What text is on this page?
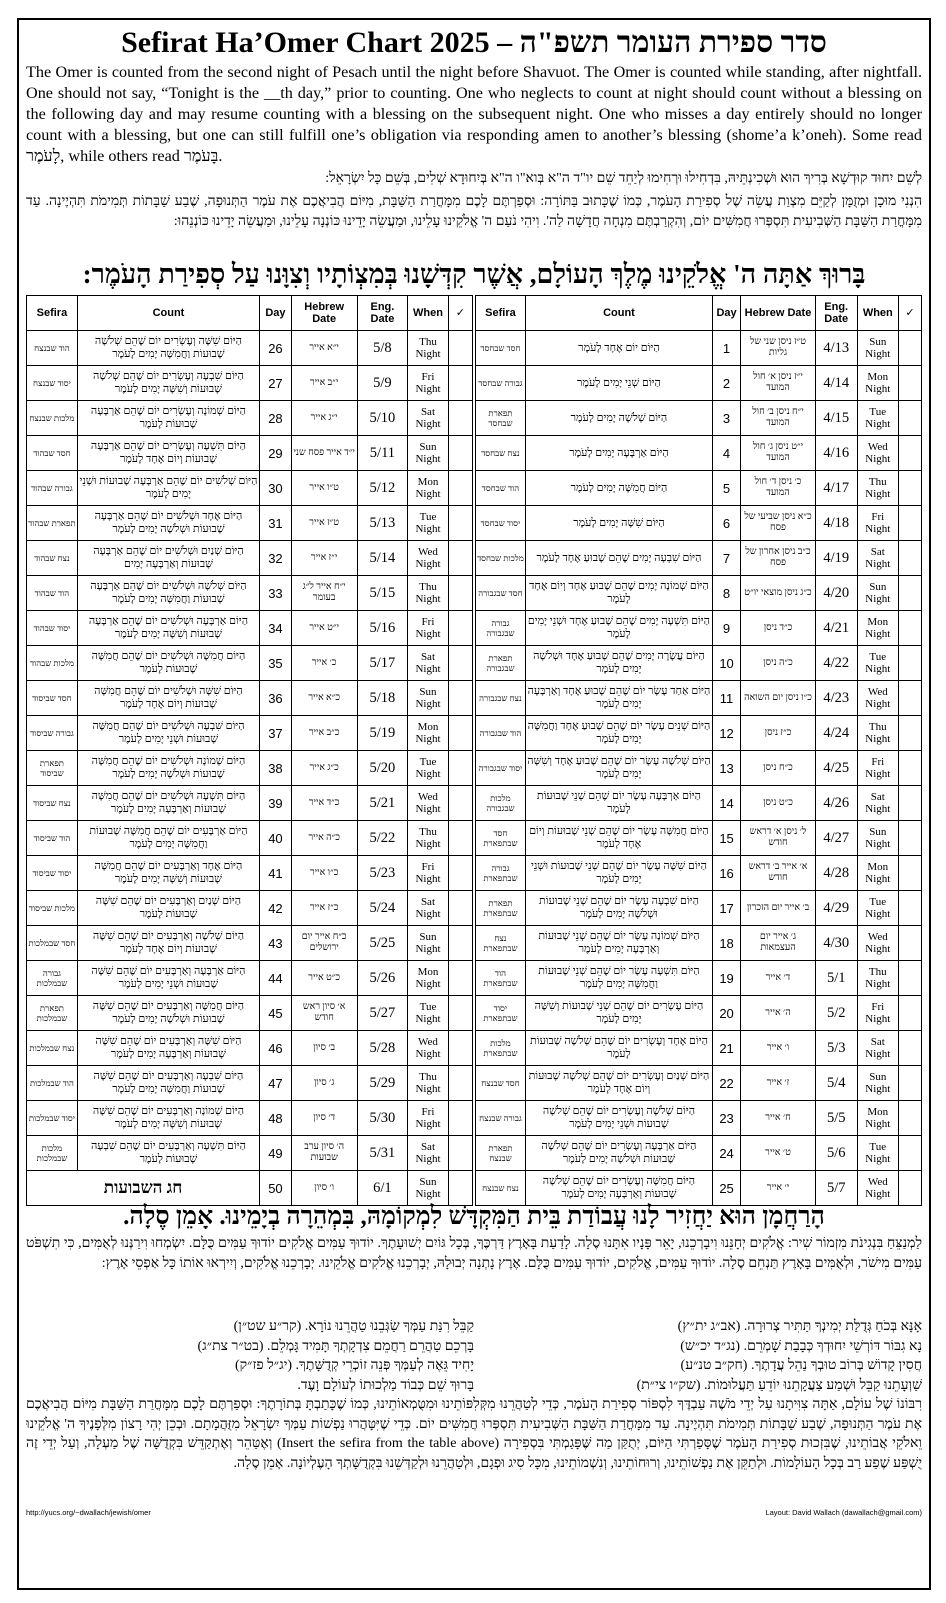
Sefirat Ha’Omer Chart 2025 – סדר ספירת העומר תשפ"ה

The Omer is counted from the second night of Pesach until the night before Shavuot. The Omer is counted while standing, after nightfall. One should not say, “Tonight is the __th day,” prior to counting. One who neglects to count at night should count without a blessing on the following day and may resume counting with a blessing on the subsequent night. One who misses a day entirely should no longer count with a blessing, but one can still fulfill one’s obligation via responding amen to another’s blessing (shome’a k’oneh). Some read לָעֹמֶר, while others read בָּעֹמֶר.

לְשֵׁם יִחוּד קוּדְשָׁא בְּרִיךְ הוּא וּשְׁכִינְתֵּיהּ, בִּדְחִילוּ וּרְחִימוּ לְיַחֵד שֵׁם יו"ד ה"א בְּוא"ו ה"א בְּיִחוּדָא שְׁלִים, בְּשֵׁם כָּל יִשְׂרָאֵל:

הִנְנִי מוּכָן וּמְזֻמָּן לְקַיֵּם מִצְוַת עֲשֵׂה שֶׁל סְפִירַת הָעֹמֶר, כְּמוֹ שֶׁכָּתוּב בַּתּוֹרָה: וּסְפַרְתֶּם לָכֶם מִמָּחֳרַת הַשַּׁבָּת, מִיּוֹם הֲבִיאֲכֶם אֶת עֹמֶר הַתְּנוּפָה, שֶׁבַע שַׁבָּתוֹת תְּמִימֹת תִּהְיֶינָה. עַד מִמָּחֳרַת הַשַּׁבָּת הַשְּׁבִיעִית תִּסְפְּרוּ חֲמִשִּׁים יוֹם, וְהִקְרַבְתֶּם מִנְחָה חֲדָשָׁה לַה'. וִיהִי נֹעַם ה' אֱלֹקֵינוּ עָלֵינוּ, וּמַעֲשֵׂה יָדֵינוּ כּוֹנְנָה עָלֵינוּ, וּמַעֲשֵׂה יָדֵינוּ כּוֹנְנֵהוּ:

בָּרוּךְ אַתָּה ה' אֱלֹקֵינוּ מֶלֶךְ הָעוֹלָם, אֲשֶׁר קִדְּשָׁנוּ בְּמִצְוֹתָיו וְצִוָּנוּ עַל סְפִירַת הָעֹמֶר:
Sefira	Count	Day	Hebrew Date	Eng. Date	When	✓
הוד שבנצח	הַיּוֹם שִׁשָּׁה וְעֶשְׂרִים יוֹם שֶׁהֵם שְׁלֹשָׁה שָׁבוּעוֹת וַחֲמִשָּׁה יָמִים לָעֹמֶר	26	י״א אייר	5/8	Thu Night	
יסוד שבנצח	הַיּוֹם שִׁבְעָה וְעֶשְׂרִים יוֹם שֶׁהֵם שְׁלֹשָׁה שָׁבוּעוֹת וְשִׁשָּׁה יָמִים לָעֹמֶר	27	י״ב אייר	5/9	Fri Night	
מלכות שבנצח	הַיּוֹם שְׁמוֹנָה וְעֶשְׂרִים יוֹם שֶׁהֵם אַרְבָּעָה שָׁבוּעוֹת לָעֹמֶר	28	י״ג אייר	5/10	Sat Night	
חסד שבהוד	הַיּוֹם תִּשְׁעָה וְעֶשְׂרִים יוֹם שֶׁהֵם אַרְבָּעָה שָׁבוּעוֹת וְיוֹם אֶחָד לָעֹמֶר	29	י״ד אייר פסח שני	5/11	Sun Night	
גבורה שבהוד	הַיּוֹם שְׁלֹשִׁים יוֹם שֶׁהֵם אַרְבָּעָה שָׁבוּעוֹת וּשְׁנֵי יָמִים לָעֹמֶר	30	ט״ו אייר	5/12	Mon Night	
תפארת שבהוד	הַיּוֹם אֶחָד וּשְׁלֹשִׁים יוֹם שֶׁהֵם אַרְבָּעָה שָׁבוּעוֹת וּשְׁלֹשָׁה יָמִים לָעֹמֶר	31	ט״ז אייר	5/13	Tue Night	
נצח שבהוד	הַיּוֹם שְׁנַיִם וּשְׁלֹשִׁים יוֹם שֶׁהֵם אַרְבָּעָה שָׁבוּעוֹת וְאַרְבָּעָה יָמִים	32	י״ז אייר	5/14	Wed Night	
הוד שבהוד	הַיּוֹם שְׁלֹשָׁה וּשְׁלֹשִׁים יוֹם שֶׁהֵם אַרְבָּעָה שָׁבוּעוֹת וַחֲמִשָּׁה יָמִים לָעֹמֶר	33	י״ח אייר ל״ג בעומר	5/15	Thu Night	
יסוד שבהוד	הַיּוֹם אַרְבָּעָה וּשְׁלֹשִׁים יוֹם שֶׁהֵם אַרְבָּעָה שָׁבוּעוֹת וְשִׁשָּׁה יָמִים לָעֹמֶר	34	י״ט אייר	5/16	Fri Night	
מלכות שבהוד	הַיּוֹם חֲמִשָּׁה וּשְׁלֹשִׁים יוֹם שֶׁהֵם חֲמִשָּׁה שָׁבוּעוֹת לָעֹמֶר	35	כ׳ אייר	5/17	Sat Night	
חסד שביסוד	הַיּוֹם שִׁשָּׁה וּשְׁלֹשִׁים יוֹם שֶׁהֵם חֲמִשָּׁה שָׁבוּעוֹת וְיוֹם אֶחָד לָעֹמֶר	36	כ״א אייר	5/18	Sun Night	
גבורה שביסוד	הַיּוֹם שִׁבְעָה וּשְׁלֹשִׁים יוֹם שֶׁהֵם חֲמִשָּׁה שָׁבוּעוֹת וּשְׁנֵי יָמִים לָעֹמֶר	37	כ״ב אייר	5/19	Mon Night	
תפארת שביסוד	הַיּוֹם שְׁמוֹנָה וּשְׁלֹשִׁים יוֹם שֶׁהֵם חֲמִשָּׁה שָׁבוּעוֹת וּשְׁלֹשָׁה יָמִים לָעֹמֶר	38	כ״ג אייר	5/20	Tue Night	
נצח שביסוד	הַיּוֹם תִּשְׁעָה וּשְׁלֹשִׁים יוֹם שֶׁהֵם חֲמִשָּׁה שָׁבוּעוֹת וְאַרְבָּעָה יָמִים לָעֹמֶר	39	כ״ד אייר	5/21	Wed Night	
הוד שביסוד	הַיּוֹם אַרְבָּעִים יוֹם שֶׁהֵם חֲמִשָּׁה שָׁבוּעוֹת וַחֲמִשָּׁה יָמִים לָעֹמֶר	40	כ״ה אייר	5/22	Thu Night	
יסוד שביסוד	הַיּוֹם אֶחָד וְאַרְבָּעִים יוֹם שֶׁהֵם חֲמִשָּׁה שָׁבוּעוֹת וְשִׁשָּׁה יָמִים לָעֹמֶר	41	כ״ו אייר	5/23	Fri Night	
מלכות שביסוד	הַיּוֹם שְׁנַיִם וְאַרְבָּעִים יוֹם שֶׁהֵם שִׁשָּׁה שָׁבוּעוֹת לָעֹמֶר	42	כ״ז אייר	5/24	Sat Night	
חסד שבמלכות	הַיּוֹם שְׁלֹשָׁה וְאַרְבָּעִים יוֹם שֶׁהֵם שִׁשָּׁה שָׁבוּעוֹת וְיוֹם אֶחָד לָעֹמֶר	43	כ״ח אייר יום ירושלים	5/25	Sun Night	
גבורה שבמלכות	הַיּוֹם אַרְבָּעָה וְאַרְבָּעִים יוֹם שֶׁהֵם שִׁשָּׁה שָׁבוּעוֹת וּשְׁנֵי יָמִים לָעֹמֶר	44	כ״ט אייר	5/26	Mon Night	
תפארת שבמלכות	הַיּוֹם חֲמִשָּׁה וְאַרְבָּעִים יוֹם שֶׁהֵם שִׁשָּׁה שָׁבוּעוֹת וּשְׁלֹשָׁה יָמִים לָעֹמֶר	45	א׳ סיון ראש חודש	5/27	Tue Night	
נצח שבמלכות	הַיּוֹם שִׁשָּׁה וְאַרְבָּעִים יוֹם שֶׁהֵם שִׁשָּׁה שָׁבוּעוֹת וְאַרְבָּעָה יָמִים לָעֹמֶר	46	ב׳ סיון	5/28	Wed Night	
הוד שבמלכות	הַיּוֹם שִׁבְעָה וְאַרְבָּעִים יוֹם שֶׁהֵם שִׁשָּׁה שָׁבוּעוֹת וַחֲמִשָּׁה יָמִים לָעֹמֶר	47	ג׳ סיון	5/29	Thu Night	
יסוד שבמלכות	הַיּוֹם שְׁמוֹנָה וְאַרְבָּעִים יוֹם שֶׁהֵם שִׁשָּׁה שָׁבוּעוֹת וְשִׁשָּׁה יָמִים לָעֹמֶר	48	ד׳ סיון	5/30	Fri Night	
מלכות שבמלכות	הַיּוֹם תִּשְׁעָה וְאַרְבָּעִים יוֹם שֶׁהֵם שִׁבְעָה שָׁבוּעוֹת לָעֹמֶר	49	ה׳ סיון ערב שבועות	5/31	Sat Night	
חג השבועות		50	ו׳ סיון	6/1	Sun Night	
Sefira	Count	Day	Hebrew Date	Eng. Date	When	✓
חסד שבחסד	הַיּוֹם יוֹם אֶחָד לָעֹמֶר	1	ט״ז ניסן שני של גליות	4/13	Sun Night	
גבורה שבחסד	הַיּוֹם שְׁנֵי יָמִים לָעֹמֶר	2	י״ז ניסן א׳ חול המועד	4/14	Mon Night	
תפארת שבחסד	הַיּוֹם שְׁלֹשָׁה יָמִים לָעֹמֶר	3	י״ח ניסן ב׳ חול המועד	4/15	Tue Night	
נצח שבחסד	הַיּוֹם אַרְבָּעָה יָמִים לָעֹמֶר	4	י״ט ניסן ג׳ חול המועד	4/16	Wed Night	
הוד שבחסד	הַיּוֹם חֲמִשָּׁה יָמִים לָעֹמֶר	5	כ׳ ניסן ד׳ חול המועד	4/17	Thu Night	
יסוד שבחסד	הַיּוֹם שִׁשָּׁה יָמִים לָעֹמֶר	6	כ״א ניסן שביעי של פסח	4/18	Fri Night	
מלכות שבחסד	הַיּוֹם שִׁבְעָה יָמִים שֶׁהֵם שָׁבוּעַ אֶחָד לָעֹמֶר	7	כ״ב ניסן אחרון של פסח	4/19	Sat Night	
חסד שבגבורה	הַיּוֹם שְׁמוֹנָה יָמִים שֶׁהֵם שָׁבוּעַ אֶחָד וְיוֹם אֶחָד לָעֹמֶר	8	כ״ג ניסן מוצאי יו״ט	4/20	Sun Night	
גבורה שבגבורה	הַיּוֹם תִּשְׁעָה יָמִים שֶׁהֵם שָׁבוּעַ אֶחָד וּשְׁנֵי יָמִים לָעֹמֶר	9	כ״ד ניסן	4/21	Mon Night	
תפארת שבגבורה	הַיּוֹם עֲשָׂרָה יָמִים שֶׁהֵם שָׁבוּעַ אֶחָד וּשְׁלֹשָׁה יָמִים לָעֹמֶר	10	כ״ה ניסן	4/22	Tue Night	
נצח שבגבורה	הַיּוֹם אַחַד עָשָׂר יוֹם שֶׁהֵם שָׁבוּעַ אֶחָד וְאַרְבָּעָה יָמִים לָעֹמֶר	11	כ״ו ניסן יום השואה	4/23	Wed Night	
הוד שבגבורה	הַיּוֹם שְׁנֵים עָשָׂר יוֹם שֶׁהֵם שָׁבוּעַ אֶחָד וַחֲמִשָּׁה יָמִים לָעֹמֶר	12	כ״ז ניסן	4/24	Thu Night	
יסוד שבגבורה	הַיּוֹם שְׁלֹשָׁה עָשָׂר יוֹם שֶׁהֵם שָׁבוּעַ אֶחָד וְשִׁשָּׁה יָמִים לָעֹמֶר	13	כ״ח ניסן	4/25	Fri Night	
מלכות שבגבורה	הַיּוֹם אַרְבָּעָה עָשָׂר יוֹם שֶׁהֵם שְׁנֵי שָׁבוּעוֹת לָעֹמֶר	14	כ״ט ניסן	4/26	Sat Night	
חסד שבתפארת	הַיּוֹם חֲמִשָּׁה עָשָׂר יוֹם שֶׁהֵם שְׁנֵי שָׁבוּעוֹת וְיוֹם אֶחָד לָעֹמֶר	15	ל׳ ניסן א׳ דראש חודש	4/27	Sun Night	
גבורה שבתפארת	הַיּוֹם שִׁשָּׁה עָשָׂר יוֹם שֶׁהֵם שְׁנֵי שָׁבוּעוֹת וּשְׁנֵי יָמִים לָעֹמֶר	16	א׳ אייר ב׳ דראש חודש	4/28	Mon Night	
תפארת שבתפארת	הַיּוֹם שִׁבְעָה עָשָׂר יוֹם שֶׁהֵם שְׁנֵי שָׁבוּעוֹת וּשְׁלֹשָׁה יָמִים לָעֹמֶר	17	ב׳ אייר יום הזכרון	4/29	Tue Night	
נצח שבתפארת	הַיּוֹם שְׁמוֹנָה עָשָׂר יוֹם שֶׁהֵם שְׁנֵי שָׁבוּעוֹת וְאַרְבָּעָה יָמִים לָעֹמֶר	18	ג׳ אייר יום העצמאות	4/30	Wed Night	
הוד שבתפארת	הַיּוֹם תִּשְׁעָה עָשָׂר יוֹם שֶׁהֵם שְׁנֵי שָׁבוּעוֹת וַחֲמִשָּׁה יָמִים לָעֹמֶר	19	ד׳ אייר	5/1	Thu Night	
יסוד שבתפארת	הַיּוֹם עֶשְׂרִים יוֹם שֶׁהֵם שְׁנֵי שָׁבוּעוֹת וְשִׁשָּׁה יָמִים לָעֹמֶר	20	ה׳ אייר	5/2	Fri Night	
מלכות שבתפארת	הַיּוֹם אֶחָד וְעֶשְׂרִים יוֹם שֶׁהֵם שְׁלֹשָׁה שָׁבוּעוֹת לָעֹמֶר	21	ו׳ אייר	5/3	Sat Night	
חסד שבנצח	הַיּוֹם שְׁנַיִם וְעֶשְׂרִים יוֹם שֶׁהֵם שְׁלֹשָׁה שָׁבוּעוֹת וְיוֹם אֶחָד לָעֹמֶר	22	ז׳ אייר	5/4	Sun Night	
גבורה שבנצח	הַיּוֹם שְׁלֹשָׁה וְעֶשְׂרִים יוֹם שֶׁהֵם שְׁלֹשָׁה שָׁבוּעוֹת וּשְׁנֵי יָמִים לָעֹמֶר	23	ח׳ אייר	5/5	Mon Night	
תפארת שבנצח	הַיּוֹם אַרְבָּעָה וְעֶשְׂרִים יוֹם שֶׁהֵם שְׁלֹשָׁה שָׁבוּעוֹת וּשְׁלֹשָׁה יָמִים לָעֹמֶר	24	ט׳ אייר	5/6	Tue Night	
נצח שבנצח	הַיּוֹם חֲמִשָּׁה וְעֶשְׂרִים יוֹם שֶׁהֵם שְׁלֹשָׁה שָׁבוּעוֹת וְאַרְבָּעָה יָמִים לָעֹמֶר	25	י׳ אייר	5/7	Wed Night	
הָרַחֲמָן הוּא יַחֲזִיר לָנוּ עֲבוֹדַת בֵּית הַמִּקְדָּשׁ לִמְקוֹמָהּ, בִּמְהֵרָה בְיָמֵינוּ. אָמֵן סֶלָה.

לַמְנַצֵּחַ בִּנְגִינֹת מִזְמוֹר שִׁיר: אֱלֹקִים יְחָנֵּנוּ וִיבָרְכֵנוּ, יָאֵר פָּנָיו אִתָּנוּ סֶלָה. לָדַעַת בָּאָרֶץ דַּרְכֶּךָ, בְּכָל גּוֹיִם יְשׁוּעָתֶךָ. יוֹדוּךָ עַמִּים אֱלֹקִים יוֹדוּךָ עַמִּים כֻּלָּם. יִשְׂמְחוּ וִירַנְּנוּ לְאֻמִּים, כִּי תִשְׁפֹּט עַמִּים מִישֹׁר, וּלְאֻמִּים בָּאָרֶץ תַּנְחֵם סֶלָה. יוֹדוּךָ עַמִּים, אֱלֹקִים, יוֹדוּךָ עַמִּים כֻּלָּם. אֶרֶץ נָתְנָה יְבוּלָהּ, יְבָרְכֵנוּ אֱלֹקִים אֱלֹקֵינוּ. יְבָרְכֵנוּ אֱלֹקִים, וְיִירְאוּ אוֹתוֹ כָּל אַפְסֵי אָרֶץ:

אָנָּא בְּכֹחַ גְּדֻלַּת יְמִינְךָ תַּתִּיר צְרוּרָה. (אב״ג ית״ץ)
נָא גִבּוֹר דּוֹרְשֵׁי יִחוּדְךָ כְּבָבַת שָׁמְרֵם. (נג״ד יכ״ש)
חֲסִין קָדוֹשׁ בְּרוֹב טוּבְךָ נַהֵל עֲדָתֶךָ. (חק״ב טנ״ע)
שַׁוְעָתֵנוּ קַבֵּל וּשְׁמַע צַעֲקָתֵנוּ יוֹדֵעַ תַּעֲלוּמוֹת. (שק״ו צי״ת)
קַבֵּל רִנַּת עַמְּךָ שַׂגְּבֵנוּ טַהֲרֵנוּ נוֹרָא. (קר״ע שט״ן)
בָּרְכֵם טַהֲרֵם רַחֲמֵם צִדְקָתְךָ תָּמִיד גָּמְלֵם. (בט״ר צת״ג)
יָחִיד גֵּאֶה לְעַמְּךָ פְּנֵה זוֹכְרֵי קְדֻשָּׁתֶךָ. (יג״ל פז״ק)
בָּרוּךְ שֵׁם כְּבוֹד מַלְכוּתוֹ לְעוֹלָם וָעֶד.

רִבּוֹנוֹ שֶׁל עוֹלָם, אַתָּה צִוִּיתָנוּ עַל יְדֵי מֹשֶׁה עַבְדֶּךָ לִסְפּוֹר סְפִירַת הָעֹמֶר, כְּדֵי לְטַהֲרֵנוּ מִקְּלִפּוֹתֵינוּ וּמִטֻּמְאוֹתֵינוּ, כְּמוֹ שֶׁכָּתַבְתָּ בְּתוֹרָתֶךָ: וּסְפַרְתֶּם לָכֶם מִמָּחֳרַת הַשַּׁבָּת מִיּוֹם הֲבִיאֲכֶם אֶת עֹמֶר הַתְּנוּפָה, שֶׁבַע שַׁבָּתוֹת תְּמִימֹת תִּהְיֶינָה. עַד מִמָּחֳרַת הַשַּׁבָּת הַשְּׁבִיעִית תִּסְפְּרוּ חֲמִשִּׁים יוֹם. כְּדֵי שֶׁיִּטָּהֲרוּ נַפְשׁוֹת עַמְּךָ יִשְׂרָאֵל מִזֻּהֲמָתָם. וּבְכֵן יְהִי רָצוֹן מִלְּפָנֶיךָ ה' אֱלֹקֵינוּ וֵאלֹקֵי אֲבוֹתֵינוּ, שֶׁבִּזְכוּת סְפִירַת הָעֹמֶר שֶׁסָּפַרְתִּי הַיּוֹם, יְתֻקַּן מַה שֶּׁפָּגַמְתִּי בִּסְפִירָה (Insert the sefira from the table above) וְאֶטַּהֵר וְאֶתְקַדֵּשׁ בִּקְדֻשָּׁה שֶׁל מַעְלָה, וְעַל יְדֵי זֶה יֻשְׁפַּע שֶׁפַע רַב בְּכָל הָעוֹלָמוֹת. וּלְתַקֵּן אֶת נַפְשׁוֹתֵינוּ, וְרוּחוֹתֵינוּ, וְנִשְׁמוֹתֵינוּ, מִכָּל סִיג וּפְגָם, וּלְטַהֲרֵנוּ וּלְקַדְּשֵׁנוּ בִּקְדֻשָּׁתְךָ הָעֶלְיוֹנָה. אָמֵן סֶלָה.

http://yucs.org/~dwallach/jewish/omer	Layout: David Wallach (dawallach@gmail.com)
